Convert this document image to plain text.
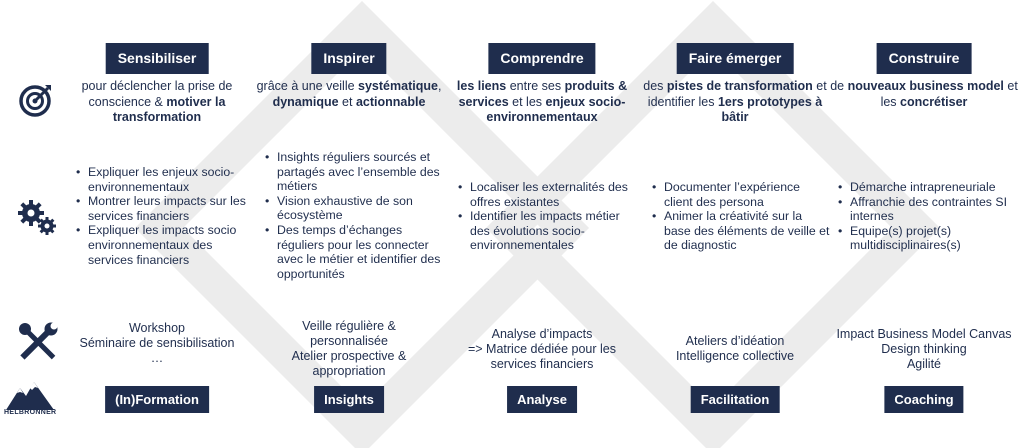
HELBRONNER
Sensibiliser
pour déclencher la prise de conscience & motiver la transformation
• Expliquer les enjeux socio-environnementaux
• Montrer leurs impacts sur les services financiers
• Expliquer les impacts socio environnementaux des services financiers
Workshop
Séminaire de sensibilisation
…
(In)Formation
Inspirer
grâce à une veille systématique, dynamique et actionnable
• Insights réguliers sourcés et partagés avec l’ensemble des métiers
• Vision exhaustive de son écosystème
• Des temps d’échanges réguliers pour les connecter avec le métier et identifier des opportunités
Veille régulière &
personnalisée
Atelier prospective &
appropriation
Insights
Comprendre
les liens entre ses produits & services et les enjeux socio-environnementaux
• Localiser les externalités des offres existantes
• Identifier les impacts métier des évolutions socio-environnementales
Analyse d’impacts
=> Matrice dédiée pour les
services financiers
Analyse
Faire émerger
des pistes de transformation et identifier les 1ers prototypes à bâtir
• Documenter l’expérience client des persona
• Animer la créativité sur la base des éléments de veille et de diagnostic
Ateliers d’idéation
Intelligence collective
Facilitation
Construire
de nouveaux business model et les concrétiser
• Démarche intrapreneuriale
• Affranchie des contraintes SI internes
• Equipe(s) projet(s) multidisciplinaires(s)
Impact Business Model Canvas
Design thinking
Agilité
Coaching
